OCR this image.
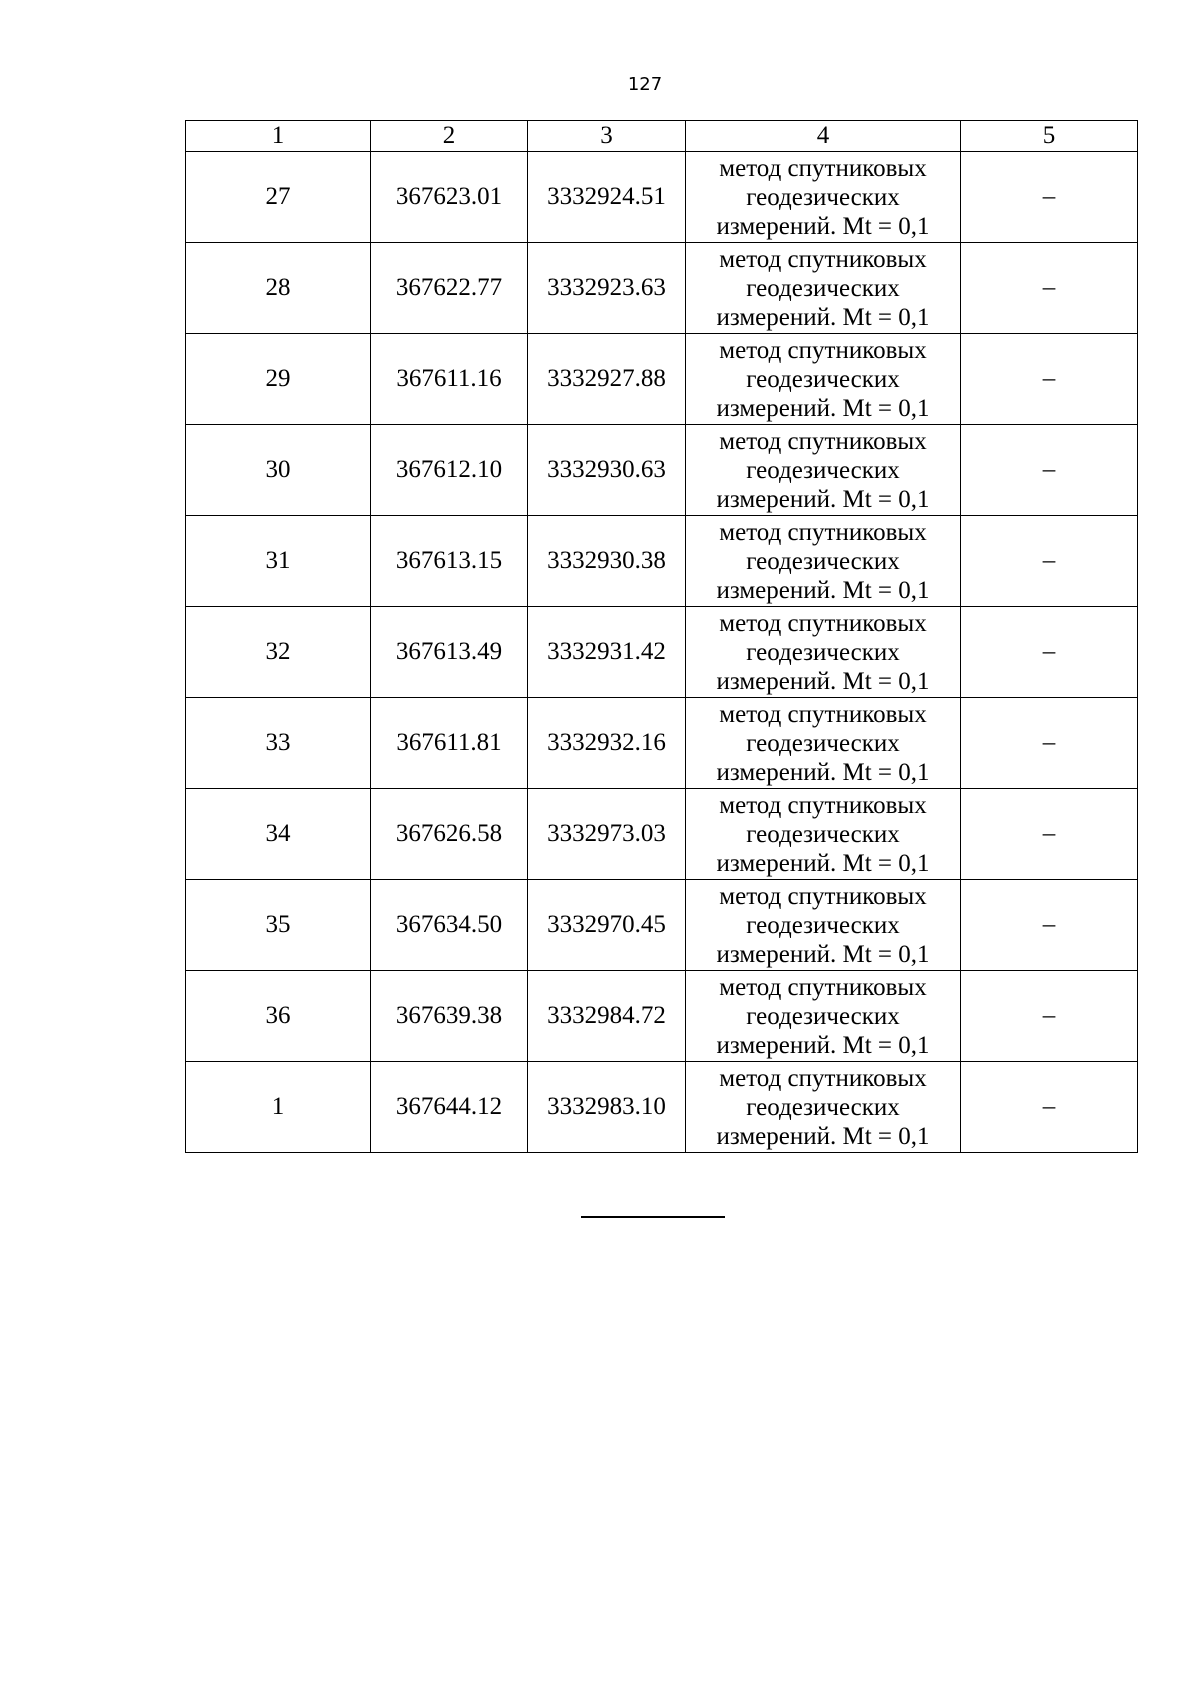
127
1	2	3	4	5
27	367623.01	3332924.51	метод спутниковых геодезических измерений. Mt = 0,1	–
28	367622.77	3332923.63	метод спутниковых геодезических измерений. Mt = 0,1	–
29	367611.16	3332927.88	метод спутниковых геодезических измерений. Mt = 0,1	–
30	367612.10	3332930.63	метод спутниковых геодезических измерений. Mt = 0,1	–
31	367613.15	3332930.38	метод спутниковых геодезических измерений. Mt = 0,1	–
32	367613.49	3332931.42	метод спутниковых геодезических измерений. Mt = 0,1	–
33	367611.81	3332932.16	метод спутниковых геодезических измерений. Mt = 0,1	–
34	367626.58	3332973.03	метод спутниковых геодезических измерений. Mt = 0,1	–
35	367634.50	3332970.45	метод спутниковых геодезических измерений. Mt = 0,1	–
36	367639.38	3332984.72	метод спутниковых геодезических измерений. Mt = 0,1	–
1	367644.12	3332983.10	метод спутниковых геодезических измерений. Mt = 0,1	–
